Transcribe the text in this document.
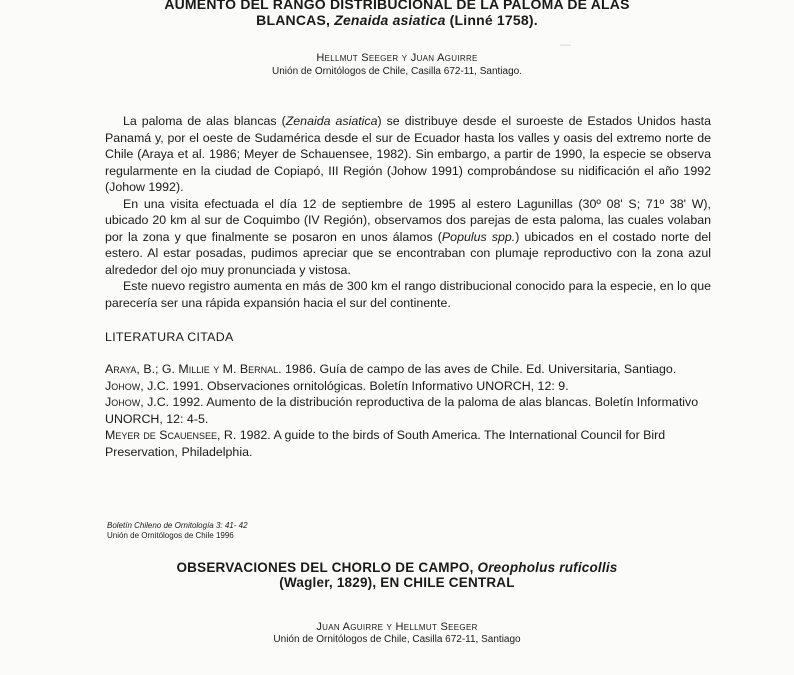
—
AUMENTO DEL RANGO DISTRIBUCIONAL DE LA PALOMA DE ALAS
BLANCAS, Zenaida asiatica (Linné 1758).
Hellmut Seeger y Juan Aguirre
Unión de Ornitólogos de Chile, Casilla 672-11, Santiago.

La paloma de alas blancas (Zenaida asiatica) se distribuye desde el suroeste de Estados Unidos hasta Panamá y, por el oeste de Sudamérica desde el sur de Ecuador hasta los valles y oasis del extremo norte de Chile (Araya et al. 1986; Meyer de Schauensee, 1982). Sin embargo, a partir de 1990, la especie se observa regularmente en la ciudad de Copiapó, III Región (Johow 1991) comprobándose su nidificación el año 1992 (Johow 1992).

En una visita efectuada el día 12 de septiembre de 1995 al estero Lagunillas (30º 08' S; 71º 38' W), ubicado 20 km al sur de Coquimbo (IV Región), observamos dos parejas de esta paloma, las cuales volaban por la zona y que finalmente se posaron en unos álamos (Populus spp.) ubicados en el costado norte del estero. Al estar posadas, pudimos apreciar que se encontraban con plumaje reproductivo con la zona azul alrededor del ojo muy pronunciada y vistosa.

Este nuevo registro aumenta en más de 300 km el rango distribucional conocido para la especie, en lo que parecería ser una rápida expansión hacia el sur del continente.

LITERATURA CITADA
Araya, B.; G. Millie y M. Bernal. 1986. Guía de campo de las aves de Chile. Ed. Universitaria, Santiago.
Johow, J.C. 1991. Observaciones ornitológicas. Boletín Informativo UNORCH, 12: 9.
Johow, J.C. 1992. Aumento de la distribución reproductiva de la paloma de alas blancas. Boletín Informativo UNORCH, 12: 4-5.
Meyer de Scauensee, R. 1982. A guide to the birds of South America. The International Council for Bird Preservation, Philadelphia.
Boletín Chileno de Ornitología 3: 41- 42
Unión de Ornitólogos de Chile 1996
OBSERVACIONES DEL CHORLO DE CAMPO, Oreopholus ruficollis
(Wagler, 1829), EN CHILE CENTRAL
Juan Aguirre y Hellmut Seeger
Unión de Ornitólogos de Chile, Casilla 672-11, Santiago
